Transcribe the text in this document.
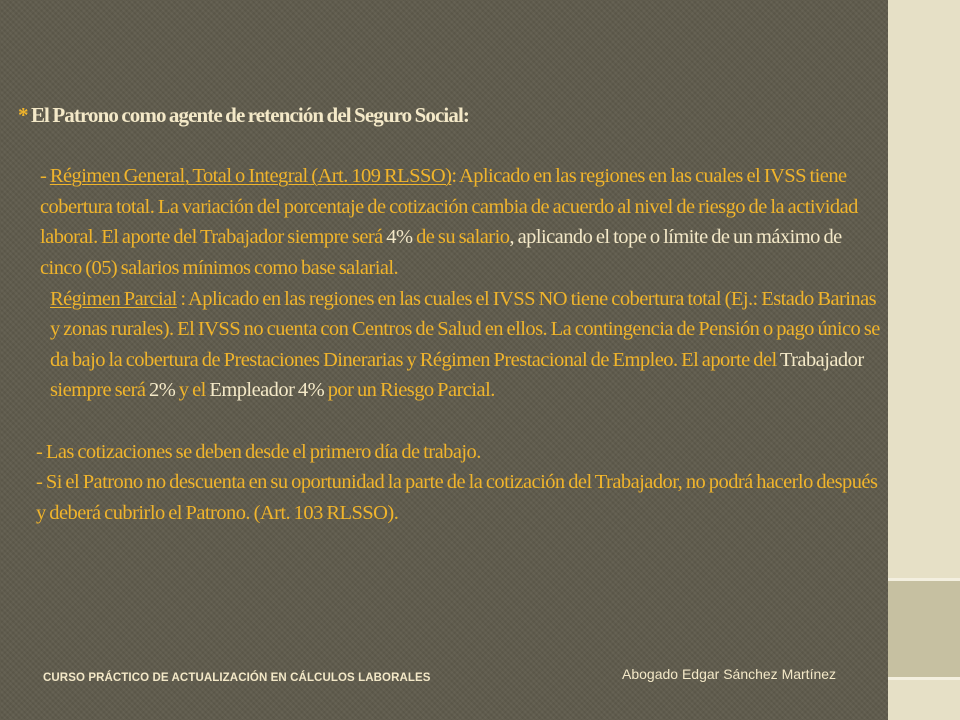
* El Patrono como agente de retención del Seguro Social:

- Régimen General, Total o Integral (Art. 109 RLSSO): Aplicado en las regiones en las cuales el IVSS tiene cobertura total. La variación del porcentaje de cotización cambia de acuerdo al nivel de riesgo de la actividad laboral. El aporte del Trabajador siempre será 4% de su salario, aplicando el tope o límite de un máximo de cinco (05) salarios mínimos como base salarial.

Régimen Parcial : Aplicado en las regiones en las cuales el IVSS NO tiene cobertura total (Ej.: Estado Barinas y zonas rurales). El IVSS no cuenta con Centros de Salud en ellos. La contingencia de Pensión o pago único se da bajo la cobertura de Prestaciones Dinerarias y Régimen Prestacional de Empleo. El aporte del Trabajador siempre será 2% y el Empleador 4% por un Riesgo Parcial.

- Las cotizaciones se deben desde el primero día de trabajo.

- Si el Patrono no descuenta en su oportunidad la parte de la cotización del Trabajador, no podrá hacerlo después y deberá cubrirlo el Patrono. (Art. 103 RLSSO).

CURSO PRÁCTICO DE ACTUALIZACIÓN EN CÁLCULOS LABORALES	Abogado Edgar Sánchez Martínez
